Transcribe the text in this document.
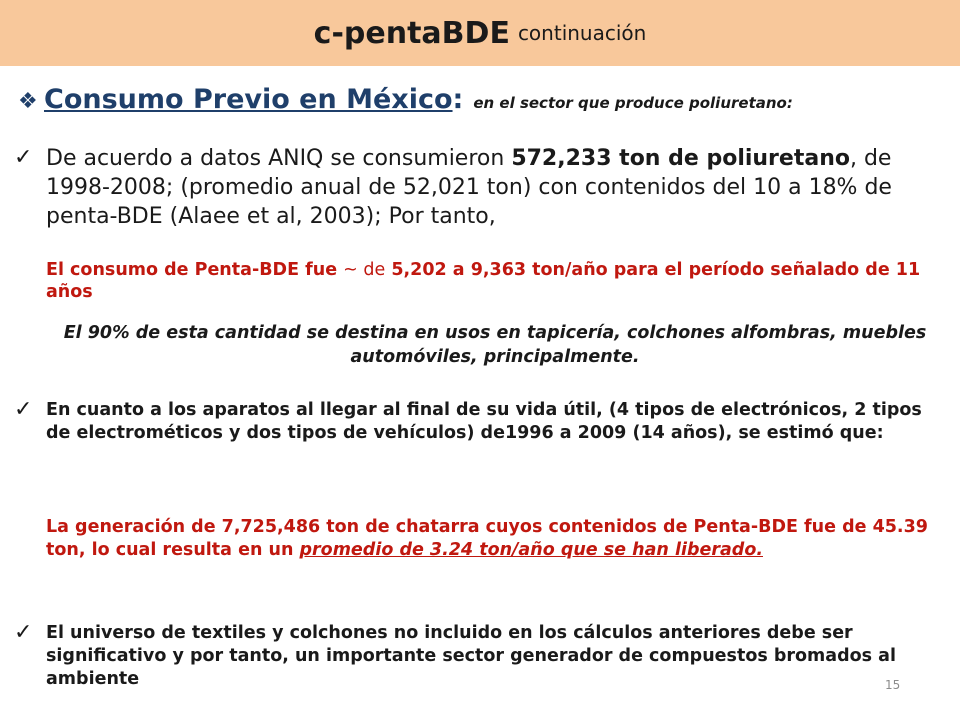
c-pentaBDE continuación
❖ Consumo Previo en México : en el sector que produce poliuretano:
✓ De acuerdo a datos ANIQ se consumieron 572,233 ton de poliuretano, de 1998-2008; (promedio anual de 52,021 ton) con contenidos del 10 a 18% de penta-BDE (Alaee et al, 2003); Por tanto,
El consumo de Penta-BDE fue ~ de 5,202 a 9,363 ton/año para el período señalado de 11 años
El 90% de esta cantidad se destina en usos en tapicería, colchones alfombras, muebles automóviles, principalmente.
✓ En cuanto a los aparatos al llegar al final de su vida útil, (4 tipos de electrónicos, 2 tipos de electrométicos y dos tipos de vehículos) de1996 a 2009 (14 años), se estimó que:
La generación de 7,725,486 ton de chatarra cuyos contenidos de Penta-BDE fue de 45.39 ton, lo cual resulta en un promedio de 3.24 ton/año que se han liberado.
✓ El universo de textiles y colchones no incluido en los cálculos anteriores debe ser significativo y por tanto, un importante sector generador de compuestos bromados al ambiente	15
